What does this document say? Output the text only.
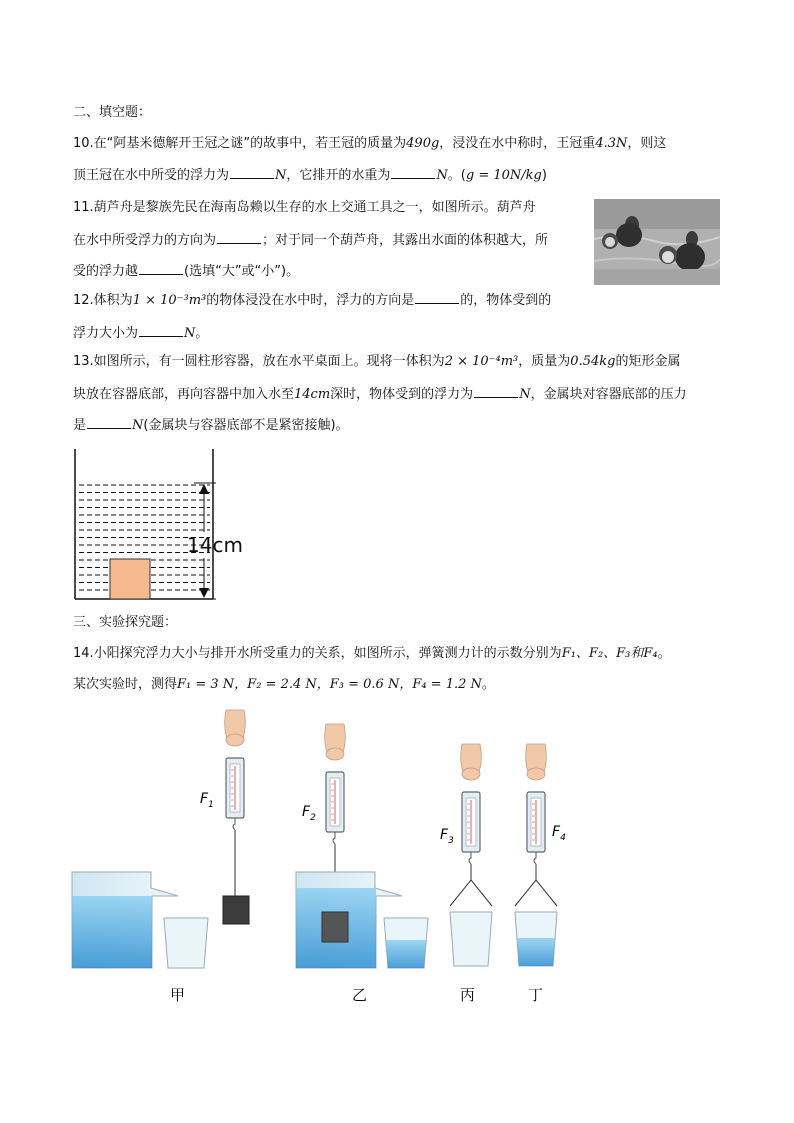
二、填空题：
10.在“阿基米德解开王冠之谜”的故事中，若王冠的质量为490g，浸没在水中称时，王冠重4.3N，则这
顶王冠在水中所受的浮力为	N，它排开的水重为	N。(g = 10N/kg)
11.葫芦舟是黎族先民在海南岛赖以生存的水上交通工具之一，如图所示。葫芦舟
在水中所受浮力的方向为	；对于同一个葫芦舟，其露出水面的体积越大，所
受的浮力越	(选填“大”或“小”)。
12.体积为1 × 10⁻³m³的物体浸没在水中时，浮力的方向是	的，物体受到的
浮力大小为	N。
13.如图所示，有一圆柱形容器，放在水平桌面上。现将一体积为2 × 10⁻⁴m³，质量为0.54kg的矩形金属
块放在容器底部，再向容器中加入水至14cm深时，物体受到的浮力为	N，金属块对容器底部的压力
是	N(金属块与容器底部不是紧密接触)。
14cm
三、实验探究题：
14.小阳探究浮力大小与排开水所受重力的关系，如图所示，弹簧测力计的示数分别为F₁、F₂、F₃和F₄。
某次实验时，测得F₁ = 3 N，F₂ = 2.4 N，F₃ = 0.6 N，F₄ = 1.2 N。
$F_1$	$F_2$
$F_3$
$F_4$
甲	乙	丙	丁
